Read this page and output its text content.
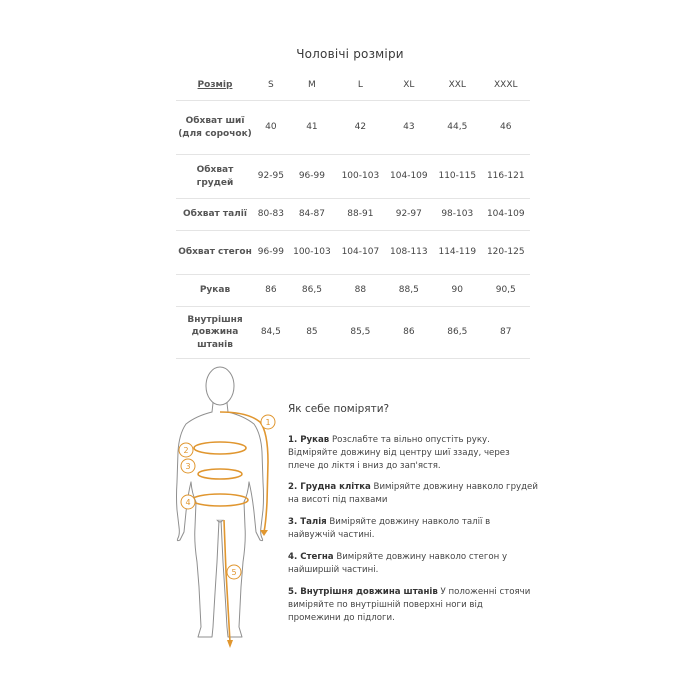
Чоловічі розміри
Розмір	S	M	L	XL	XXL	XXXL
Обхват шиї (для сорочок)	40	41	42	43	44,5	46
Обхват грудей	92-95	96-99	100-103	104-109	110-115	116-121
Обхват талії	80-83	84-87	88-91	92-97	98-103	104-109
Обхват стегон	96-99	100-103	104-107	108-113	114-119	120-125
Рукав	86	86,5	88	88,5	90	90,5
Внутрішня довжина штанів	84,5	85	85,5	86	86,5	87
1
2
3
4
5
Як себе поміряти?

1. Рукав Розслабте та вільно опустіть руку. Відміряйте довжину від центру шиї ззаду, через плече до ліктя і вниз до зап'ястя.

2. Грудна клітка Виміряйте довжину навколо грудей на висоті під пахвами

3. Талія Виміряйте довжину навколо талії в найвужчій частині.

4. Стегна Виміряйте довжину навколо стегон у найширшій частині.

5. Внутрішня довжина штанів У положенні стоячи виміряйте по внутрішній поверхні ноги від промежини до підлоги.
